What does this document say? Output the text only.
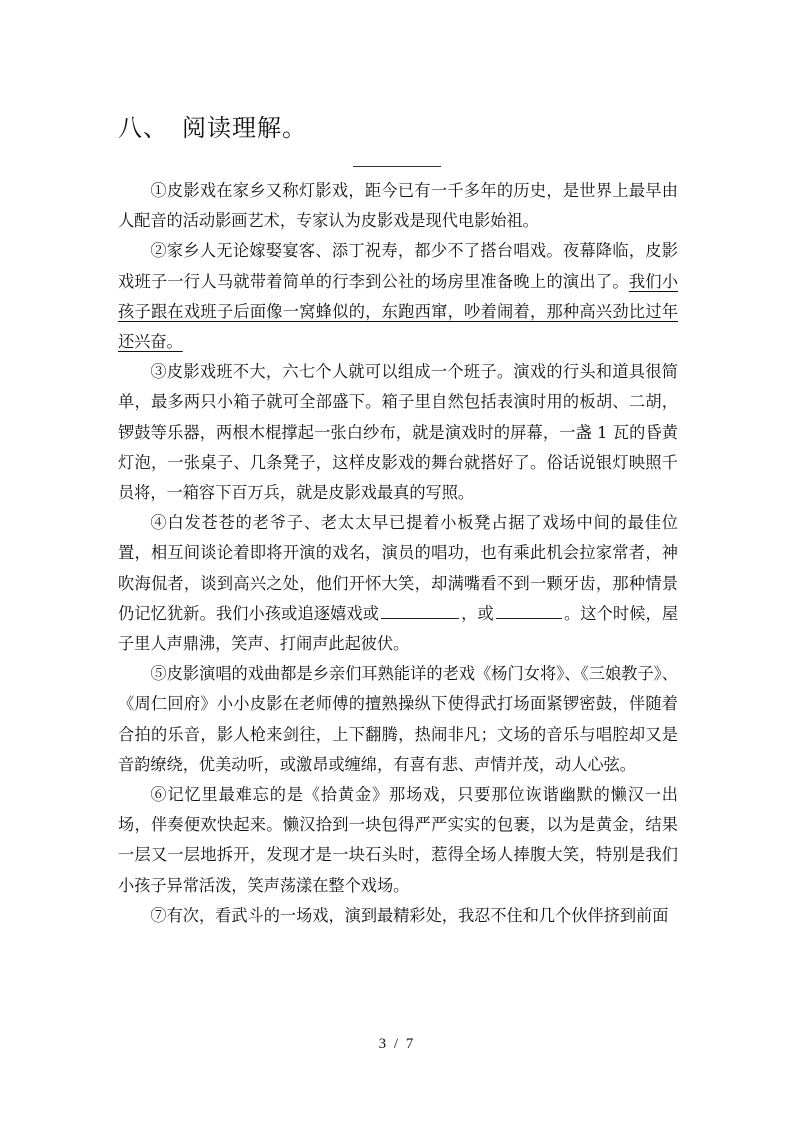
八、 阅读理解。

①皮影戏在家乡又称灯影戏，距今已有一千多年的历史，是世界上最早由人配音的活动影画艺术，专家认为皮影戏是现代电影始祖。

②家乡人无论嫁娶宴客、添丁祝寿，都少不了搭台唱戏。夜幕降临，皮影戏班子一行人马就带着简单的行李到公社的场房里准备晚上的演出了。我们小孩子跟在戏班子后面像一窝蜂似的，东跑西窜，吵着闹着，那种高兴劲比过年还兴奋。

③皮影戏班不大，六七个人就可以组成一个班子。演戏的行头和道具很简单，最多两只小箱子就可全部盛下。箱子里自然包括表演时用的板胡、二胡，锣鼓等乐器，两根木棍撑起一张白纱布，就是演戏时的屏幕，一盏 1 瓦的昏黄灯泡，一张桌子、几条凳子，这样皮影戏的舞台就搭好了。俗话说银灯映照千员将，一箱容下百万兵，就是皮影戏最真的写照。

④白发苍苍的老爷子、老太太早已提着小板凳占据了戏场中间的最佳位置，相互间谈论着即将开演的戏名，演员的唱功，也有乘此机会拉家常者，神吹海侃者，谈到高兴之处，他们开怀大笑，却满嘴看不到一颗牙齿，那种情景仍记忆犹新。我们小孩或追逐嬉戏或	，或	。这个时候，屋子里人声鼎沸，笑声、打闹声此起彼伏。

⑤皮影演唱的戏曲都是乡亲们耳熟能详的老戏《杨门女将》、《三娘教子》、《周仁回府》小小皮影在老师傅的擅熟操纵下使得武打场面紧锣密鼓，伴随着合拍的乐音，影人枪来剑往，上下翻腾，热闹非凡；文场的音乐与唱腔却又是音韵缭绕，优美动听，或激昂或缠绵，有喜有悲、声情并茂，动人心弦。

⑥记忆里最难忘的是《拾黄金》那场戏，只要那位诙谐幽默的懒汉一出场，伴奏便欢快起来。懒汉拾到一块包得严严实实的包裹，以为是黄金，结果一层又一层地拆开，发现才是一块石头时，惹得全场人捧腹大笑，特别是我们小孩子异常活泼，笑声荡漾在整个戏场。

⑦有次，看武斗的一场戏，演到最精彩处，我忍不住和几个伙伴挤到前面

3 / 7
